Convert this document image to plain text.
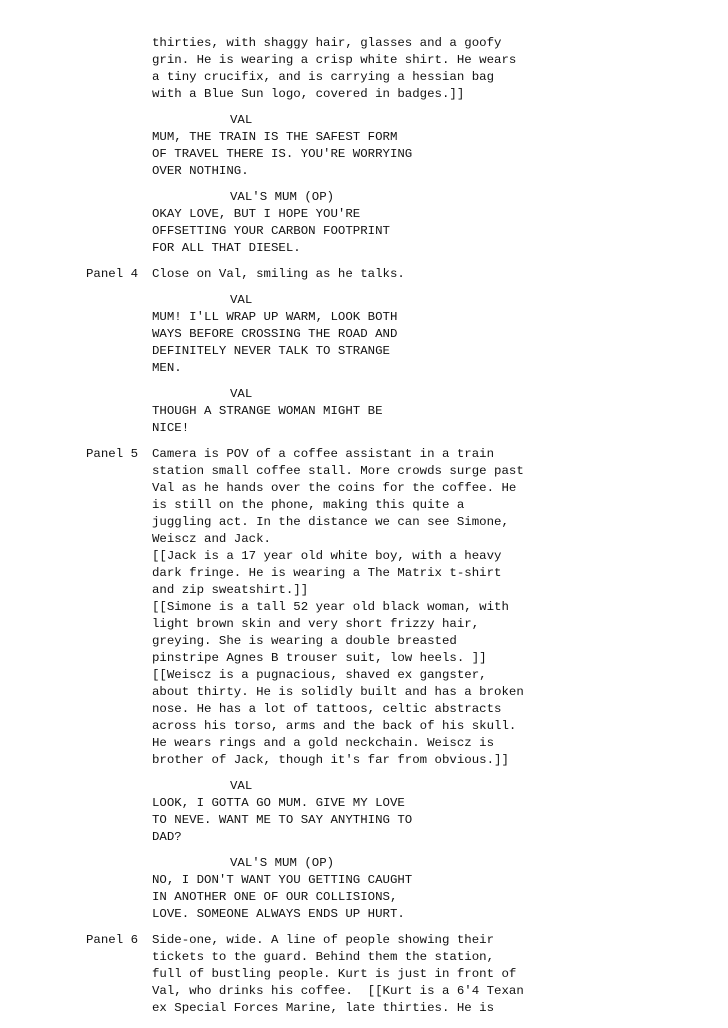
thirties, with shaggy hair, glasses and a goofy
grin. He is wearing a crisp white shirt. He wears
a tiny crucifix, and is carrying a hessian bag
with a Blue Sun logo, covered in badges.]]
VAL
MUM, THE TRAIN IS THE SAFEST FORM
OF TRAVEL THERE IS. YOU'RE WORRYING
OVER NOTHING.
VAL'S MUM (OP)
OKAY LOVE, BUT I HOPE YOU'RE
OFFSETTING YOUR CARBON FOOTPRINT
FOR ALL THAT DIESEL.
Panel 4 Close on Val, smiling as he talks.
VAL
MUM! I'LL WRAP UP WARM, LOOK BOTH
WAYS BEFORE CROSSING THE ROAD AND
DEFINITELY NEVER TALK TO STRANGE
MEN.
VAL
THOUGH A STRANGE WOMAN MIGHT BE
NICE!
Panel 5 Camera is POV of a coffee assistant in a train
station small coffee stall. More crowds surge past
Val as he hands over the coins for the coffee. He
is still on the phone, making this quite a
juggling act. In the distance we can see Simone,
Weiscz and Jack.
[[Jack is a 17 year old white boy, with a heavy
dark fringe. He is wearing a The Matrix t-shirt
and zip sweatshirt.]]
[[Simone is a tall 52 year old black woman, with
light brown skin and very short frizzy hair,
greying. She is wearing a double breasted
pinstripe Agnes B trouser suit, low heels. ]]
[[Weiscz is a pugnacious, shaved ex gangster,
about thirty. He is solidly built and has a broken
nose. He has a lot of tattoos, celtic abstracts
across his torso, arms and the back of his skull.
He wears rings and a gold neckchain. Weiscz is
brother of Jack, though it's far from obvious.]]
VAL
LOOK, I GOTTA GO MUM. GIVE MY LOVE
TO NEVE. WANT ME TO SAY ANYTHING TO
DAD?
VAL'S MUM (OP)
NO, I DON'T WANT YOU GETTING CAUGHT
IN ANOTHER ONE OF OUR COLLISIONS,
LOVE. SOMEONE ALWAYS ENDS UP HURT.
Panel 6 Side-one, wide. A line of people showing their
tickets to the guard. Behind them the station,
full of bustling people. Kurt is just in front of
Val, who drinks his coffee.  [[Kurt is a 6'4 Texan
ex Special Forces Marine, late thirties. He is
